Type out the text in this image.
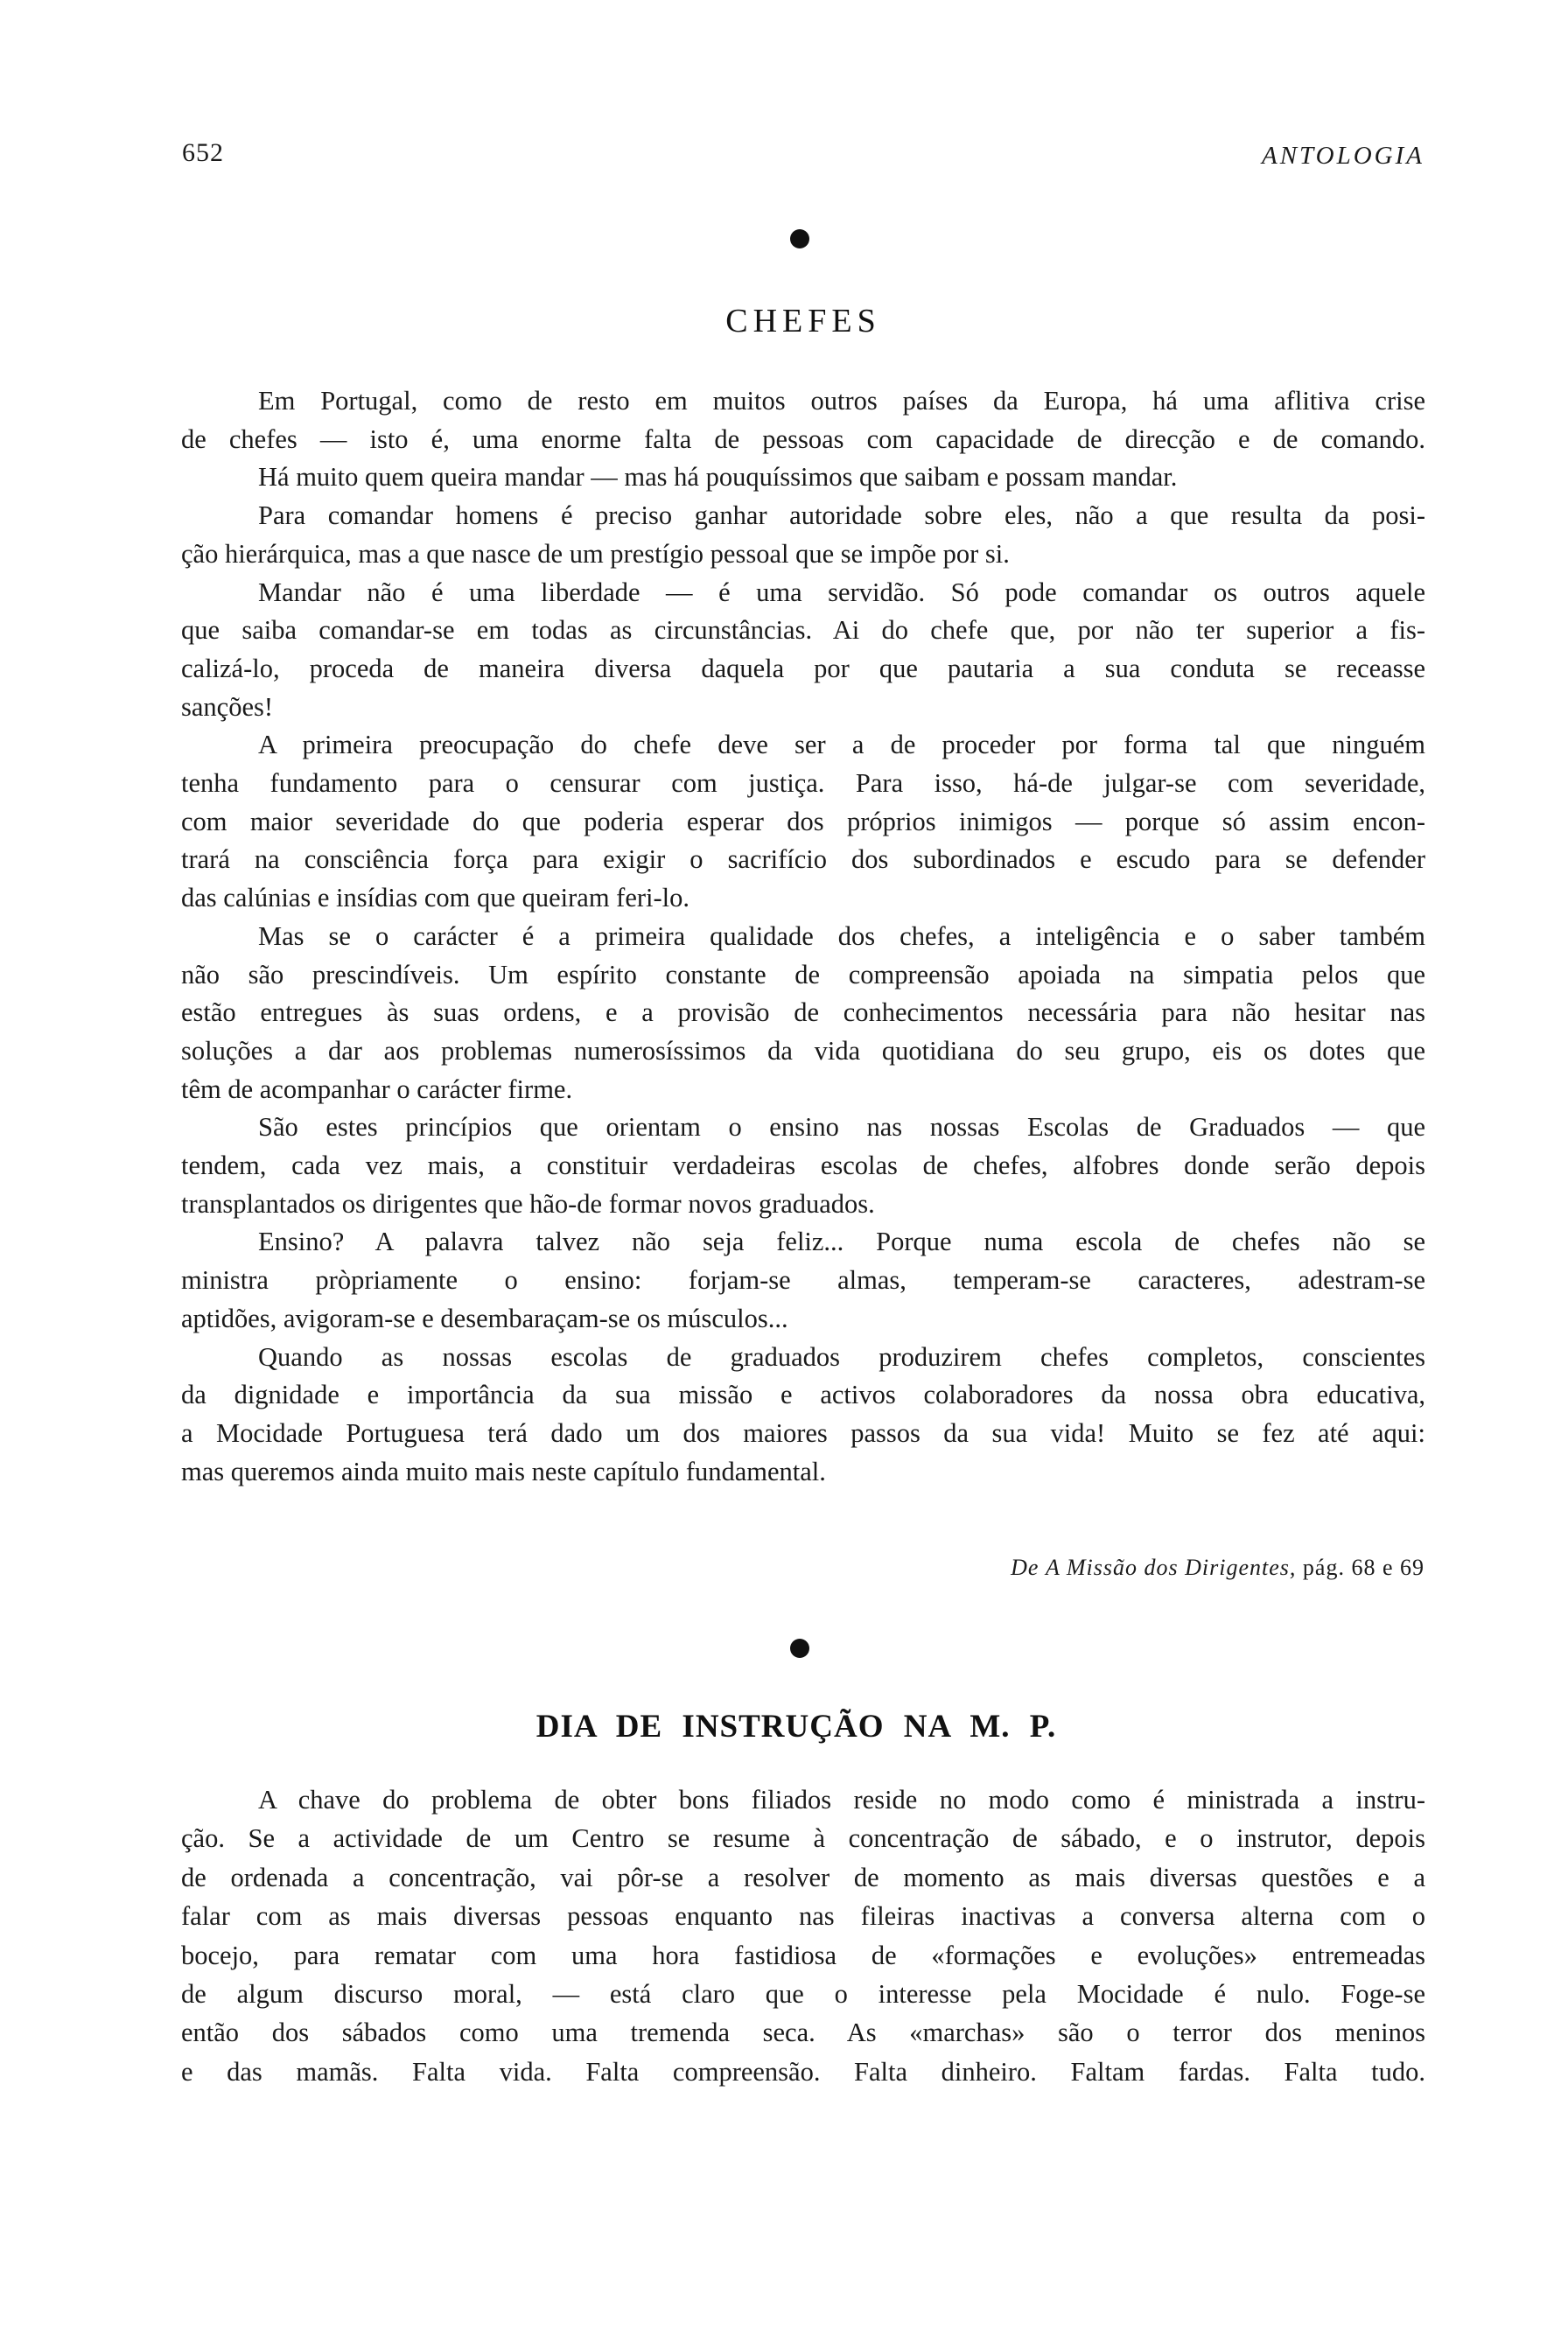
652	ANTOLOGIA
CHEFES
Em Portugal, como de resto em muitos outros países da Europa, há uma aflitiva crise
de chefes — isto é, uma enorme falta de pessoas com capacidade de direcção e de comando.
Há muito quem queira mandar — mas há pouquíssimos que saibam e possam mandar.
Para comandar homens é preciso ganhar autoridade sobre eles, não a que resulta da posi-
ção hierárquica, mas a que nasce de um prestígio pessoal que se impõe por si.
Mandar não é uma liberdade — é uma servidão. Só pode comandar os outros aquele
que saiba comandar-se em todas as circunstâncias. Ai do chefe que, por não ter superior a fis-
calizá-lo, proceda de maneira diversa daquela por que pautaria a sua conduta se receasse
sanções!
A primeira preocupação do chefe deve ser a de proceder por forma tal que ninguém
tenha fundamento para o censurar com justiça. Para isso, há-de julgar-se com severidade,
com maior severidade do que poderia esperar dos próprios inimigos — porque só assim encon-
trará na consciência força para exigir o sacrifício dos subordinados e escudo para se defender
das calúnias e insídias com que queiram feri-lo.
Mas se o carácter é a primeira qualidade dos chefes, a inteligência e o saber também
não são prescindíveis. Um espírito constante de compreensão apoiada na simpatia pelos que
estão entregues às suas ordens, e a provisão de conhecimentos necessária para não hesitar nas
soluções a dar aos problemas numerosíssimos da vida quotidiana do seu grupo, eis os dotes que
têm de acompanhar o carácter firme.
São estes princípios que orientam o ensino nas nossas Escolas de Graduados — que
tendem, cada vez mais, a constituir verdadeiras escolas de chefes, alfobres donde serão depois
transplantados os dirigentes que hão-de formar novos graduados.
Ensino? A palavra talvez não seja feliz... Porque numa escola de chefes não se
ministra pròpriamente o ensino: forjam-se almas, temperam-se caracteres, adestram-se
aptidões, avigoram-se e desembaraçam-se os músculos...
Quando as nossas escolas de graduados produzirem chefes completos, conscientes
da dignidade e importância da sua missão e activos colaboradores da nossa obra educativa,
a Mocidade Portuguesa terá dado um dos maiores passos da sua vida! Muito se fez até aqui:
mas queremos ainda muito mais neste capítulo fundamental.
De A Missão dos Dirigentes, pág. 68 e 69
DIA DE INSTRUÇÃO NA M. P.
A chave do problema de obter bons filiados reside no modo como é ministrada a instru-
ção. Se a actividade de um Centro se resume à concentração de sábado, e o instrutor, depois
de ordenada a concentração, vai pôr-se a resolver de momento as mais diversas questões e a
falar com as mais diversas pessoas enquanto nas fileiras inactivas a conversa alterna com o
bocejo, para rematar com uma hora fastidiosa de «formações e evoluções» entremeadas
de algum discurso moral, — está claro que o interesse pela Mocidade é nulo. Foge-se
então dos sábados como uma tremenda seca. As «marchas» são o terror dos meninos
e das mamãs. Falta vida. Falta compreensão. Falta dinheiro. Faltam fardas. Falta tudo.
